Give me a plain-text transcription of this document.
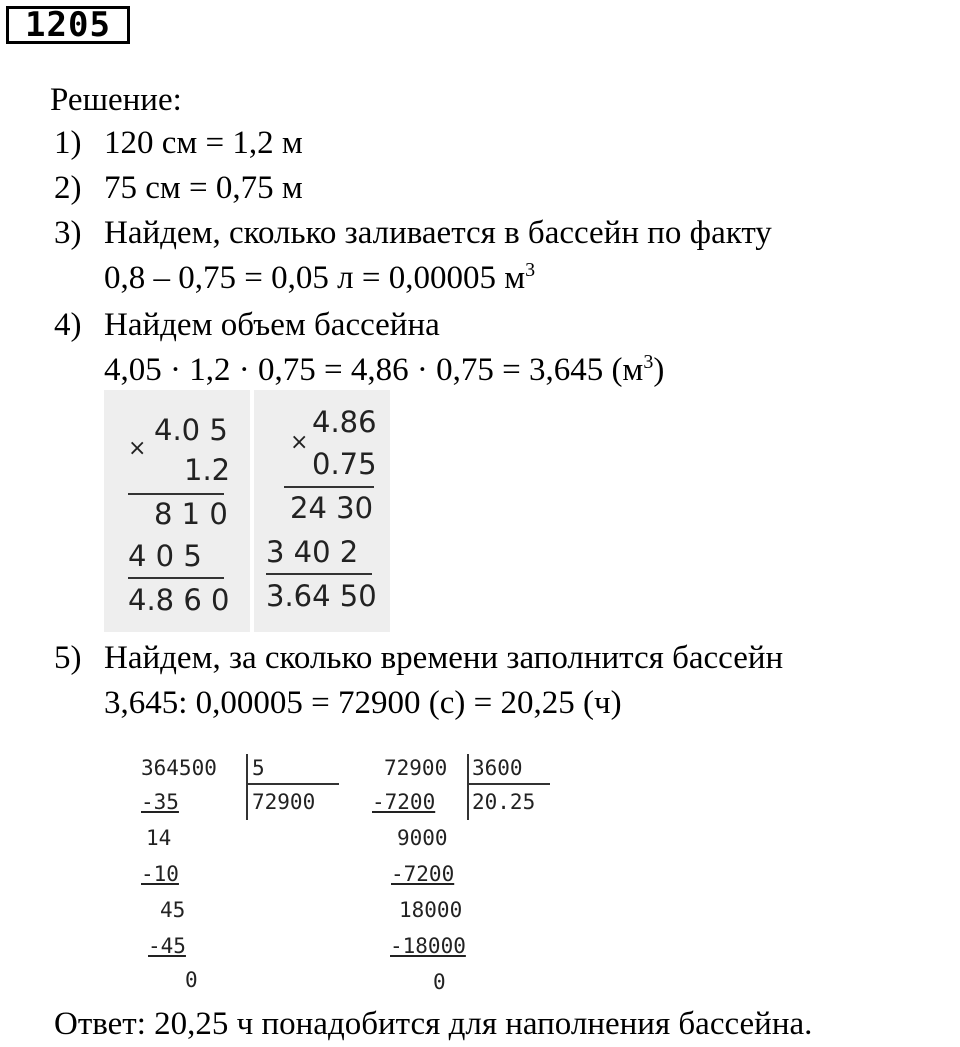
1205
Решение:
1) 120 см = 1,2 м
2) 75 см = 0,75 м
3) Найдем, сколько заливается в бассейн по факту
0,8 – 0,75 = 0,05 л = 0,00005 $м^3$
4) Найдем объем бассейна
4,05 · 1,2 · 0,75 = 4,86 · 0,75 = 3,645 $(м^3)$
×
4.0 5
1.2
8 1 0
4 0 5
4.8 6 0
×
4.86
0.75
24 30
3 40 2
3.64 50
5) Найдем, за сколько времени заполнится бассейн
3,645: 0,00005 = 72900 (с) = 20,25 (ч)
364500 5
72900
-35
14
-10
45
-45
0
72900 3600
20.25
-7200
9000
-7200
18000
-18000
0
Ответ: 20,25 ч понадобится для наполнения бассейна.
